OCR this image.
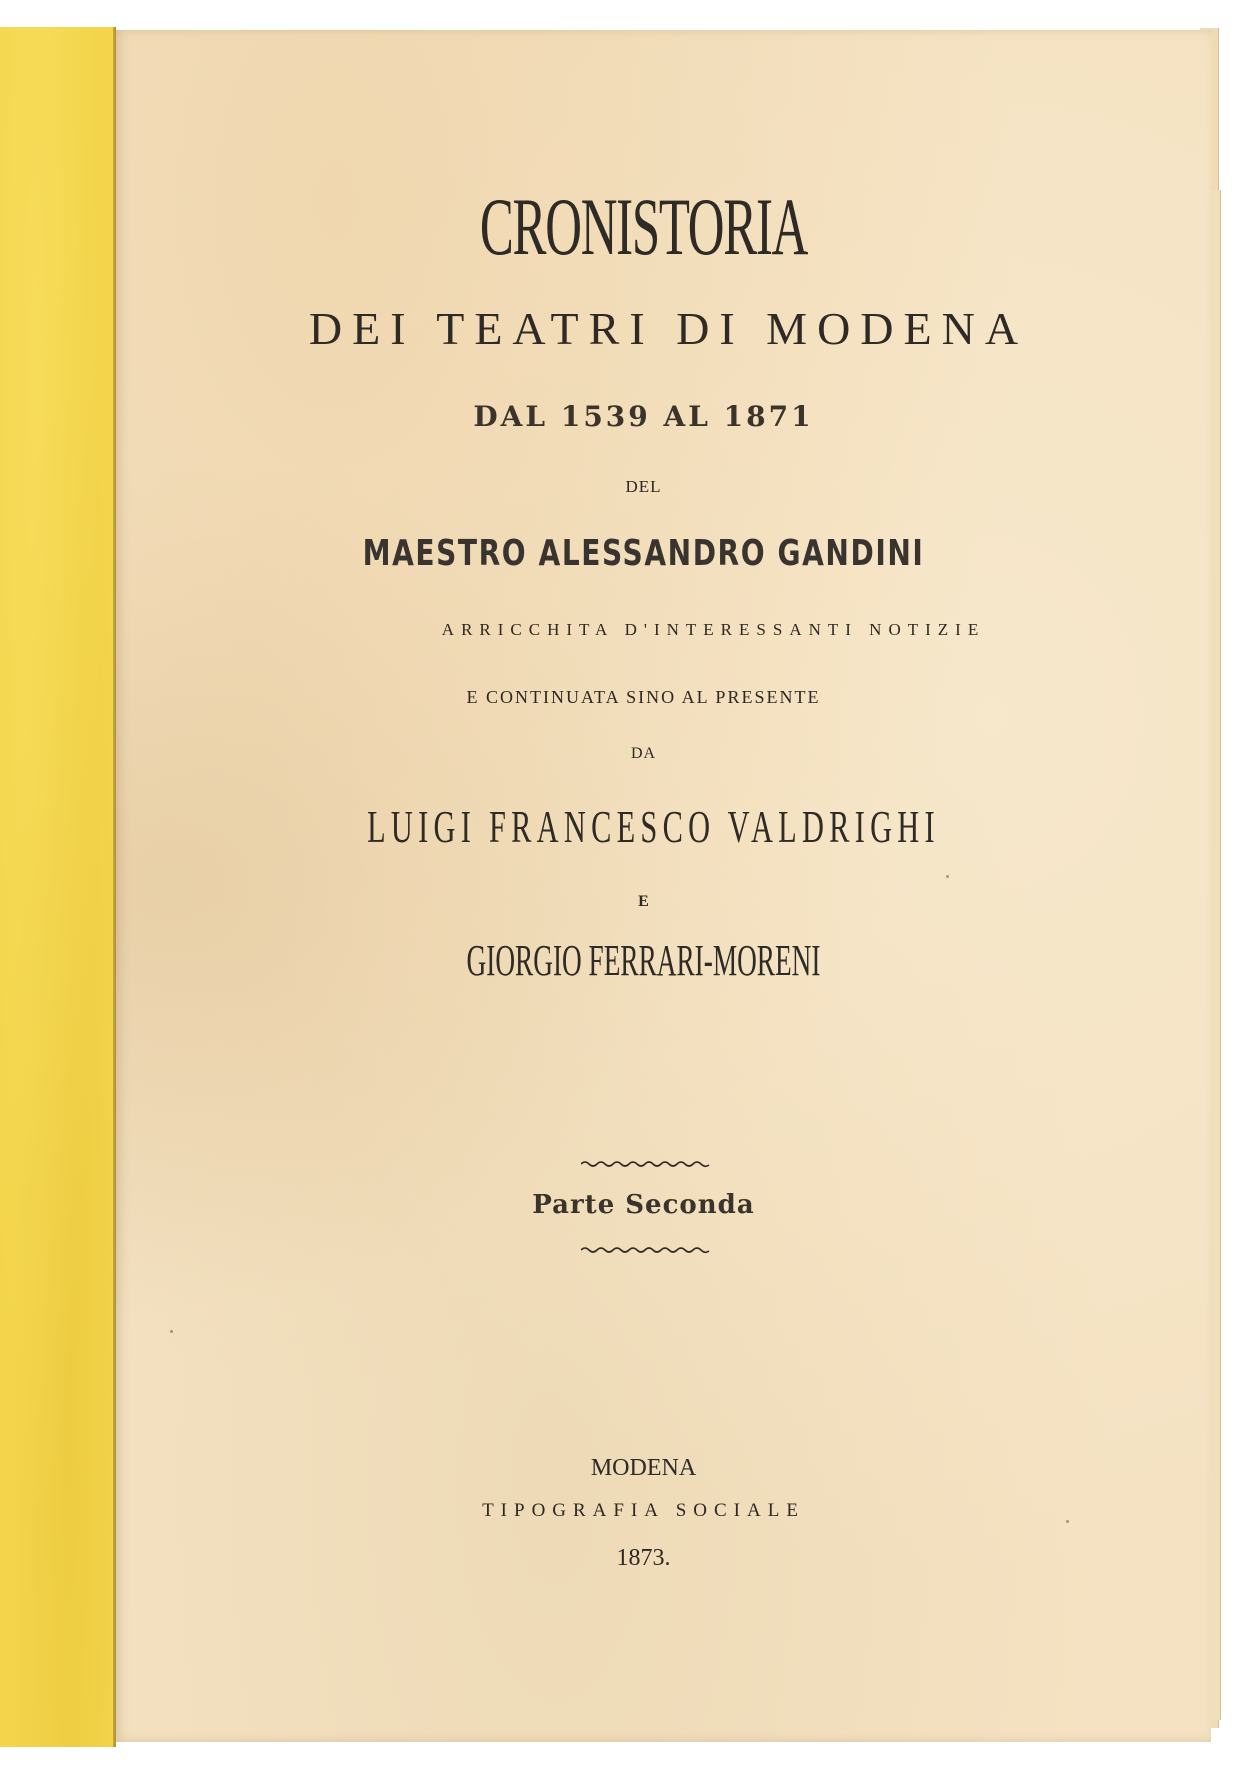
CRONISTORIA
DEI TEATRI DI MODENA
DAL 1539 AL 1871
DEL
MAESTRO ALESSANDRO GANDINI
ARRICCHITA D'INTERESSANTI NOTIZIE
E CONTINUATA SINO AL PRESENTE
DA
LUIGI FRANCESCO VALDRIGHI
E
GIORGIO FERRARI-MORENI
Parte Seconda
MODENA
TIPOGRAFIA SOCIALE
1873.
